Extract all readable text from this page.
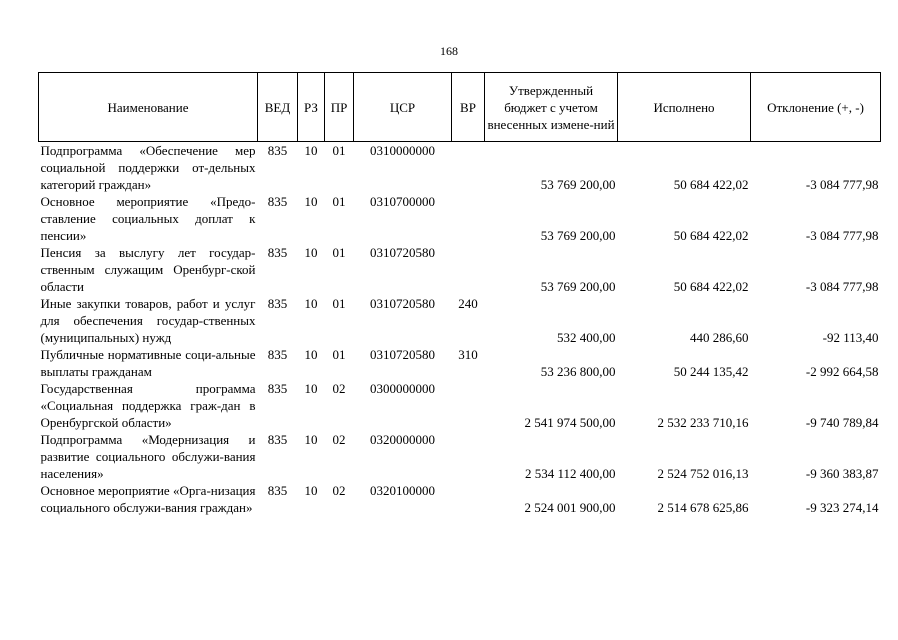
168
Наименование	ВЕД	РЗ	ПР	ЦСР	ВР	Утвержденный бюджет с учетом внесенных измене-ний	Исполнено	Отклонение (+, -)
Подпрограмма «Обеспечение мер социальной поддержки от-дельных категорий граждан»	835	10	01	0310000000		53 769 200,00	50 684 422,02	-3 084 777,98
Основное мероприятие «Предо-ставление социальных доплат к пенсии»	835	10	01	0310700000		53 769 200,00	50 684 422,02	-3 084 777,98
Пенсия за выслугу лет государ-ственным служащим Оренбург-ской области	835	10	01	0310720580		53 769 200,00	50 684 422,02	-3 084 777,98
Иные закупки товаров, работ и услуг для обеспечения государ-ственных (муниципальных) нужд	835	10	01	0310720580	240	532 400,00	440 286,60	-92 113,40
Публичные нормативные соци-альные выплаты гражданам	835	10	01	0310720580	310	53 236 800,00	50 244 135,42	-2 992 664,58
Государственная программа «Социальная поддержка граж-дан в Оренбургской области»	835	10	02	0300000000		2 541 974 500,00	2 532 233 710,16	-9 740 789,84
Подпрограмма «Модернизация и развитие социального обслужи-вания населения»	835	10	02	0320000000		2 534 112 400,00	2 524 752 016,13	-9 360 383,87
Основное мероприятие «Орга-низация социального обслужи-вания граждан»	835	10	02	0320100000		2 524 001 900,00	2 514 678 625,86	-9 323 274,14
